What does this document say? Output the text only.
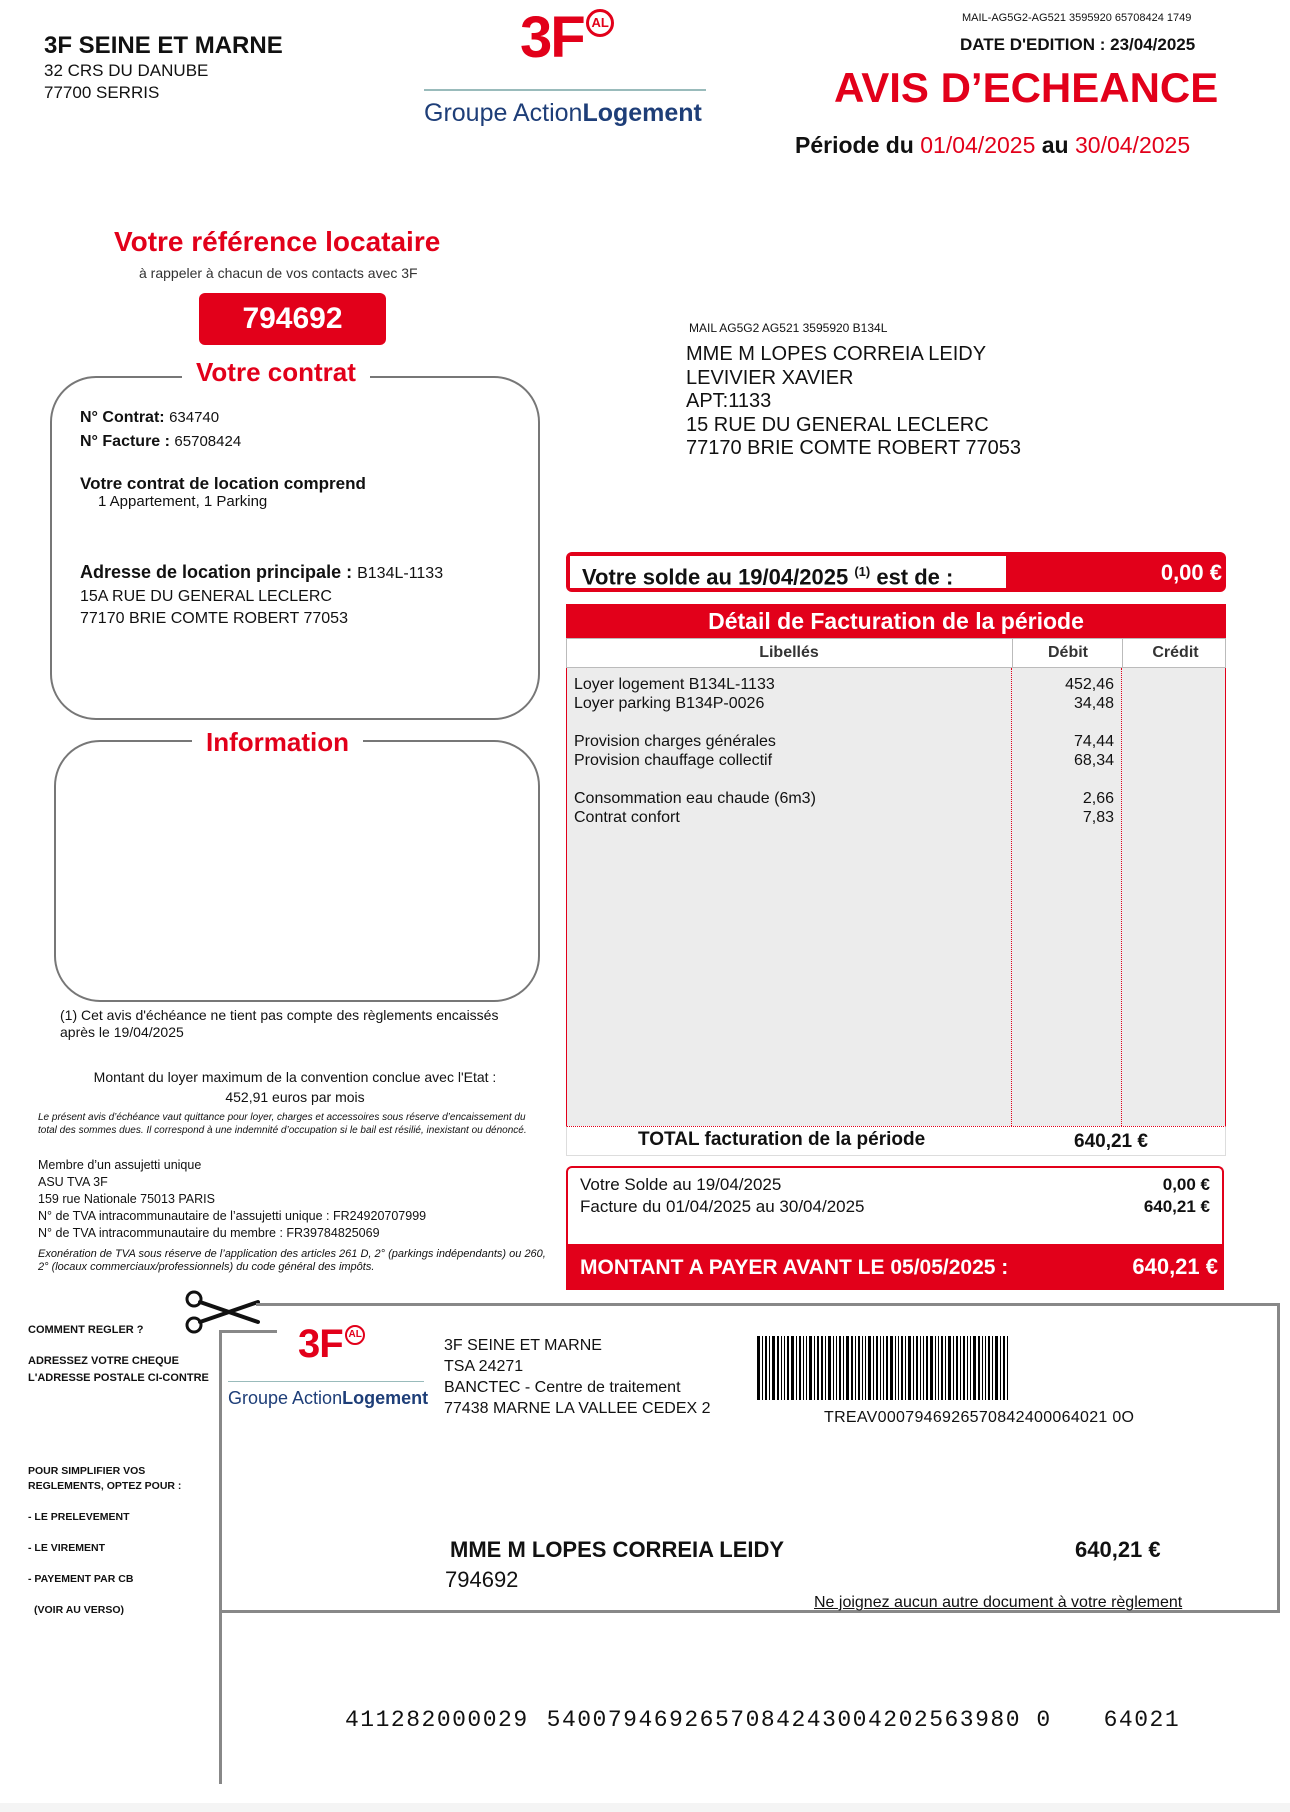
3F SEINE ET MARNE
32 CRS DU DANUBE
77700 SERRIS
3F AL
Groupe ActionLogement
MAIL-AG5G2-AG521 3595920 65708424 1749
DATE D'EDITION : 23/04/2025
AVIS D’ECHEANCE
Période du 01/04/2025 au 30/04/2025
Votre référence locataire
à rappeler à chacun de vos contacts avec 3F
794692
Votre contrat
N° Contrat: 634740
N° Facture : 65708424
Votre contrat de location comprend
1 Appartement, 1 Parking
Adresse de location principale : B134L-1133
15A RUE DU GENERAL LECLERC
77170 BRIE COMTE ROBERT 77053
Information
MAIL AG5G2 AG521 3595920 B134L
MME M LOPES CORREIA LEIDY
LEVIVIER XAVIER
APT:1133
15 RUE DU GENERAL LECLERC
77170 BRIE COMTE ROBERT 77053
Votre solde au 19/04/2025 $^{(1)}$ est de :	0,00 €
Détail de Facturation de la période
Libellés	Débit	Crédit
Loyer logement B134L-1133	452,46
Loyer parking B134P-0026	34,48
Provision charges générales	74,44
Provision chauffage collectif	68,34
Consommation eau chaude (6m3)	2,66
Contrat confort	7,83
TOTAL facturation de la période	640,21 €
Votre Solde au 19/04/2025	0,00 €
Facture du 01/04/2025 au 30/04/2025	640,21 €
MONTANT A PAYER AVANT LE 05/05/2025 :	640,21 €
(1) Cet avis d'échéance ne tient pas compte des règlements encaissés après le 19/04/2025
Montant du loyer maximum de la convention conclue avec l'Etat :
452,91 euros par mois
Le présent avis d’échéance vaut quittance pour loyer, charges et accessoires sous réserve d’encaissement du total des sommes dues. Il correspond à une indemnité d’occupation si le bail est résilié, inexistant ou dénoncé.
Membre d’un assujetti unique
ASU TVA 3F
159 rue Nationale 75013 PARIS
N° de TVA intracommunautaire de l’assujetti unique : FR24920707999
N° de TVA intracommunautaire du membre : FR39784825069
Exonération de TVA sous réserve de l’application des articles 261 D, 2° (parkings indépendants) ou 260, 2° (locaux commerciaux/professionnels) du code général des impôts.
COMMENT REGLER ?
ADRESSEZ VOTRE CHEQUE
L'ADRESSE POSTALE CI-CONTRE
POUR SIMPLIFIER VOS
REGLEMENTS, OPTEZ POUR :
- LE PRELEVEMENT
- LE VIREMENT
- PAYEMENT PAR CB
(VOIR AU VERSO)
3F AL
Groupe ActionLogement
3F SEINE ET MARNE
TSA 24271
BANCTEC - Centre de traitement
77438 MARNE LA VALLEE CEDEX 2
TREAV0007946926570842400064021 0O
MME M LOPES CORREIA LEIDY	640,21 €
794692
Ne joignez aucun autre document à votre règlement
411282000029 5400794692657084243004202563980 0 64021
